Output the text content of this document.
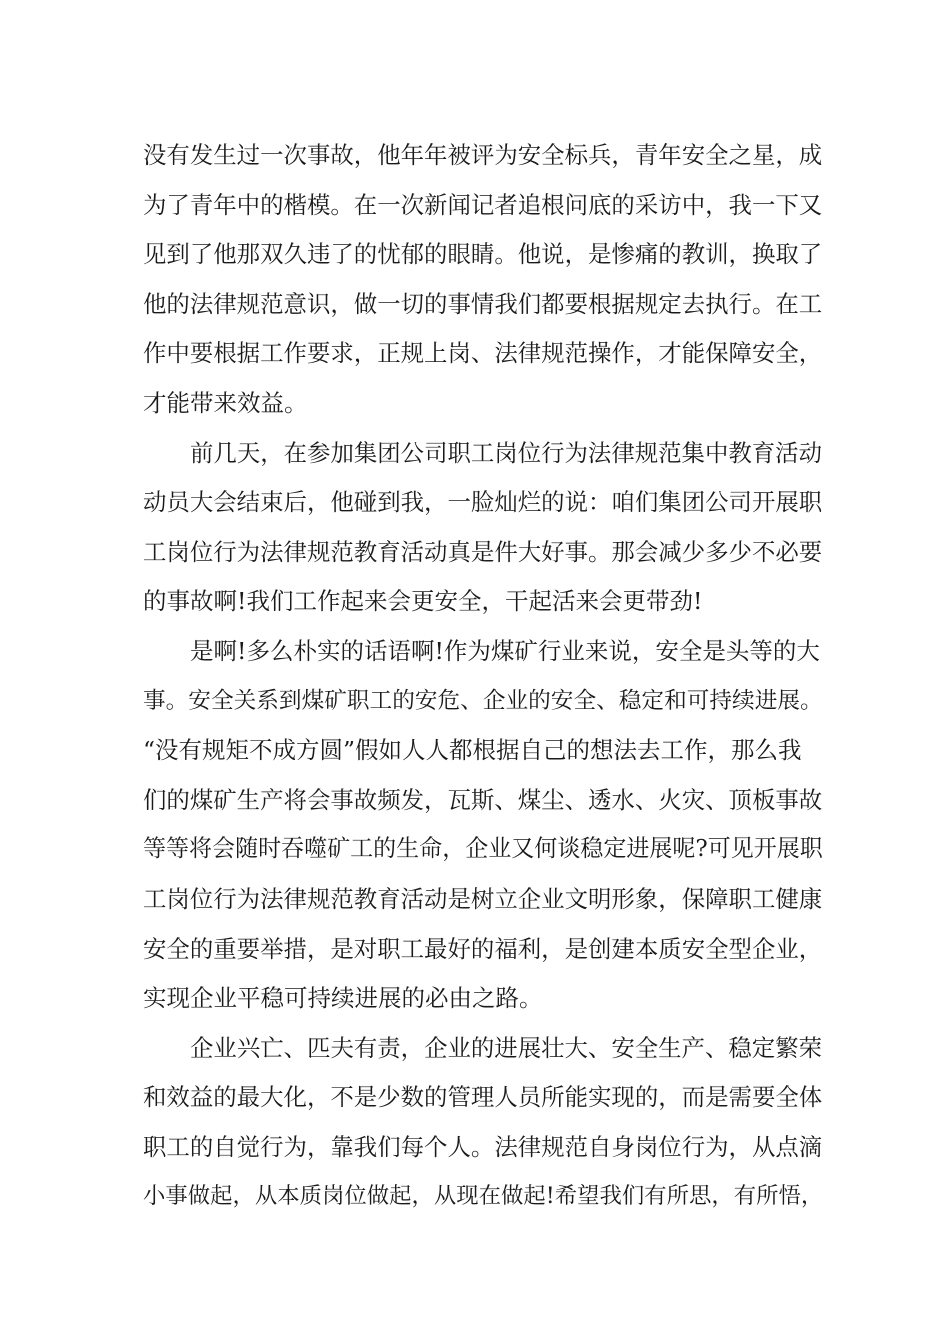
没有发生过一次事故，他年年被评为安全标兵，青年安全之星，成
为了青年中的楷模。在一次新闻记者追根问底的采访中，我一下又
见到了他那双久违了的忧郁的眼睛。他说，是惨痛的教训，换取了
他的法律规范意识，做一切的事情我们都要根据规定去执行。在工
作中要根据工作要求，正规上岗、法律规范操作，才能保障安全，
才能带来效益。
前几天，在参加集团公司职工岗位行为法律规范集中教育活动
动员大会结束后，他碰到我，一脸灿烂的说：咱们集团公司开展职
工岗位行为法律规范教育活动真是件大好事。那会减少多少不必要
的事故啊!我们工作起来会更安全，干起活来会更带劲!
是啊!多么朴实的话语啊!作为煤矿行业来说，安全是头等的大
事。安全关系到煤矿职工的安危、企业的安全、稳定和可持续进展。
“没有规矩不成方圆”假如人人都根据自己的想法去工作，那么我
们的煤矿生产将会事故频发，瓦斯、煤尘、透水、火灾、顶板事故
等等将会随时吞噬矿工的生命，企业又何谈稳定进展呢?可见开展职
工岗位行为法律规范教育活动是树立企业文明形象，保障职工健康
安全的重要举措，是对职工最好的福利，是创建本质安全型企业，
实现企业平稳可持续进展的必由之路。
企业兴亡、匹夫有责，企业的进展壮大、安全生产、稳定繁荣
和效益的最大化，不是少数的管理人员所能实现的，而是需要全体
职工的自觉行为，靠我们每个人。法律规范自身岗位行为，从点滴
小事做起，从本质岗位做起，从现在做起!希望我们有所思，有所悟，
